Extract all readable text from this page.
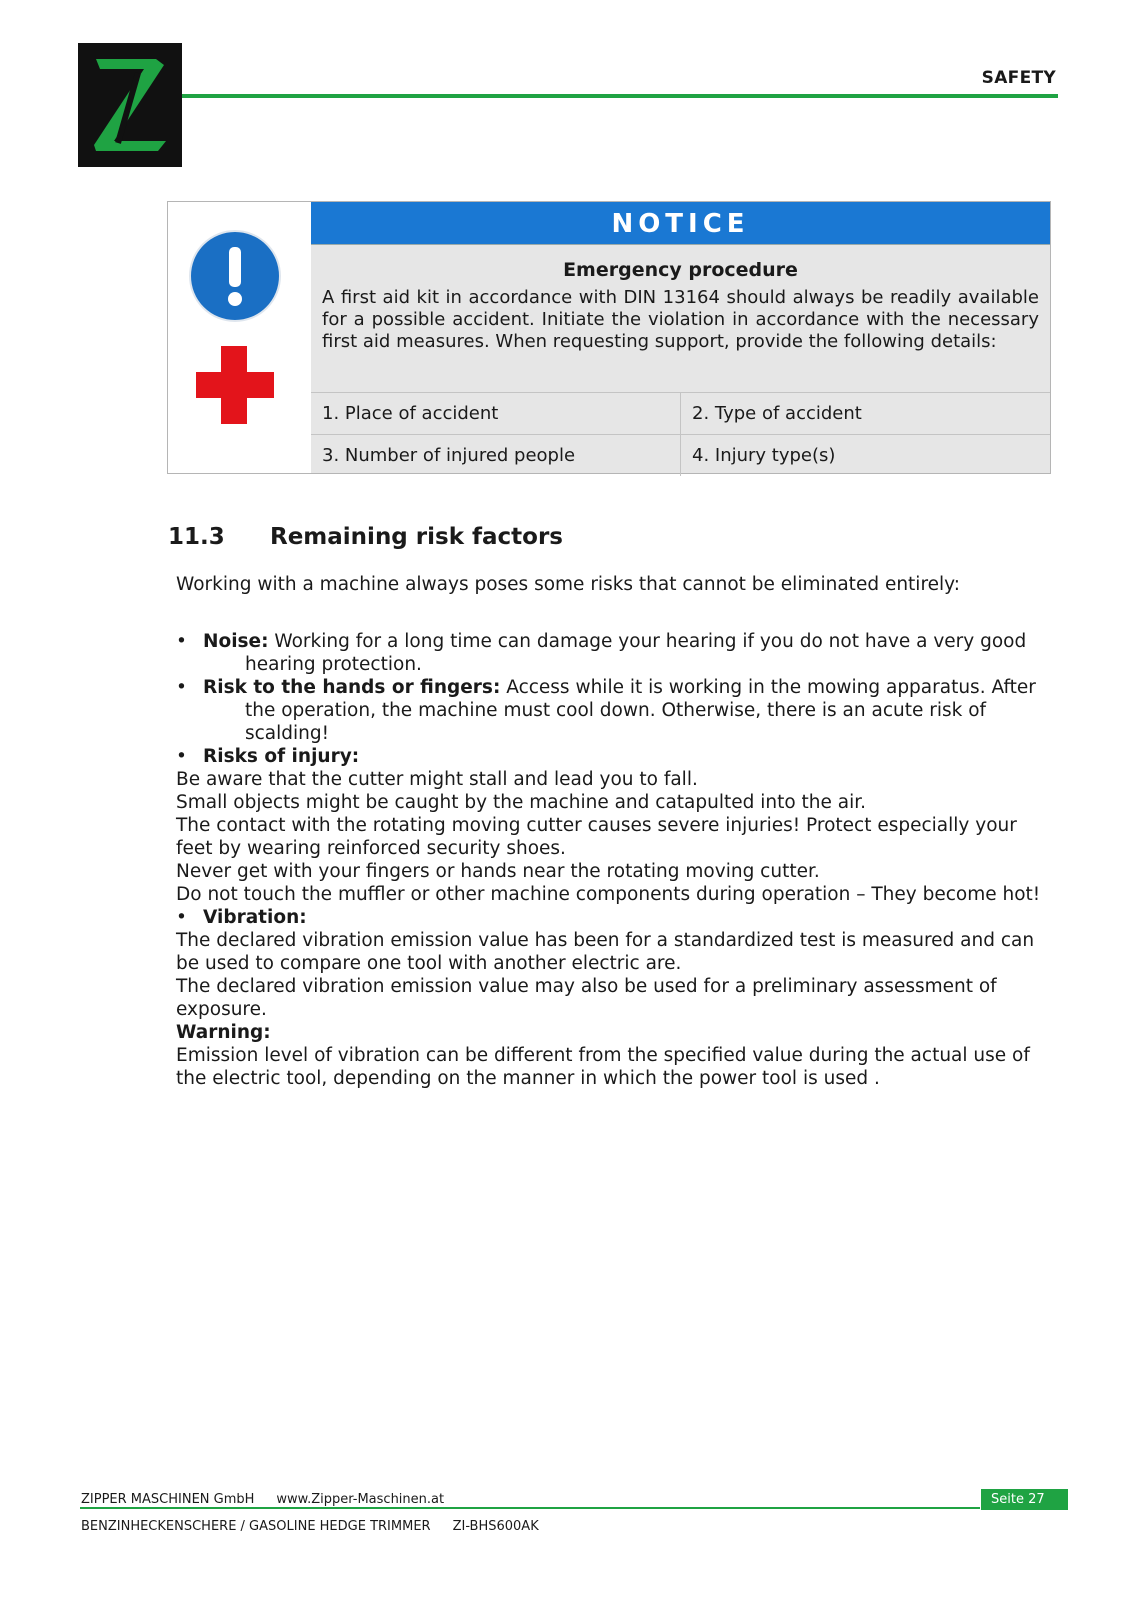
SAFETY
NOTICE
Emergency procedure
A first aid kit in accordance with DIN 13164 should always be readily available for a possible accident. Initiate the violation in accordance with the necessary first aid measures. When requesting support, provide the following details:
1. Place of accident	2. Type of accident
3. Number of injured people	4. Injury type(s)
11.3 Remaining risk factors
Working with a machine always poses some risks that cannot be eliminated entirely:
• Noise: Working for a long time can damage your hearing if you do not have a very good
hearing protection.
• Risk to the hands or fingers: Access while it is working in the mowing apparatus. After
the operation, the machine must cool down. Otherwise, there is an acute risk of
scalding!
• Risks of injury:

Be aware that the cutter might stall and lead you to fall.

Small objects might be caught by the machine and catapulted into the air.

The contact with the rotating moving cutter causes severe injuries! Protect especially your

feet by wearing reinforced security shoes.

Never get with your fingers or hands near the rotating moving cutter.

Do not touch the muffler or other machine components during operation – They become hot!

• Vibration:

The declared vibration emission value has been for a standardized test is measured and can

be used to compare one tool with another electric are.

The declared vibration emission value may also be used for a preliminary assessment of

exposure.

Warning:

Emission level of vibration can be different from the specified value during the actual use of

the electric tool, depending on the manner in which the power tool is used .

ZIPPER MASCHINEN GmbH www.Zipper-Maschinen.at	Seite 27
BENZINHECKENSCHERE / GASOLINE HEDGE TRIMMER ZI-BHS600AK
